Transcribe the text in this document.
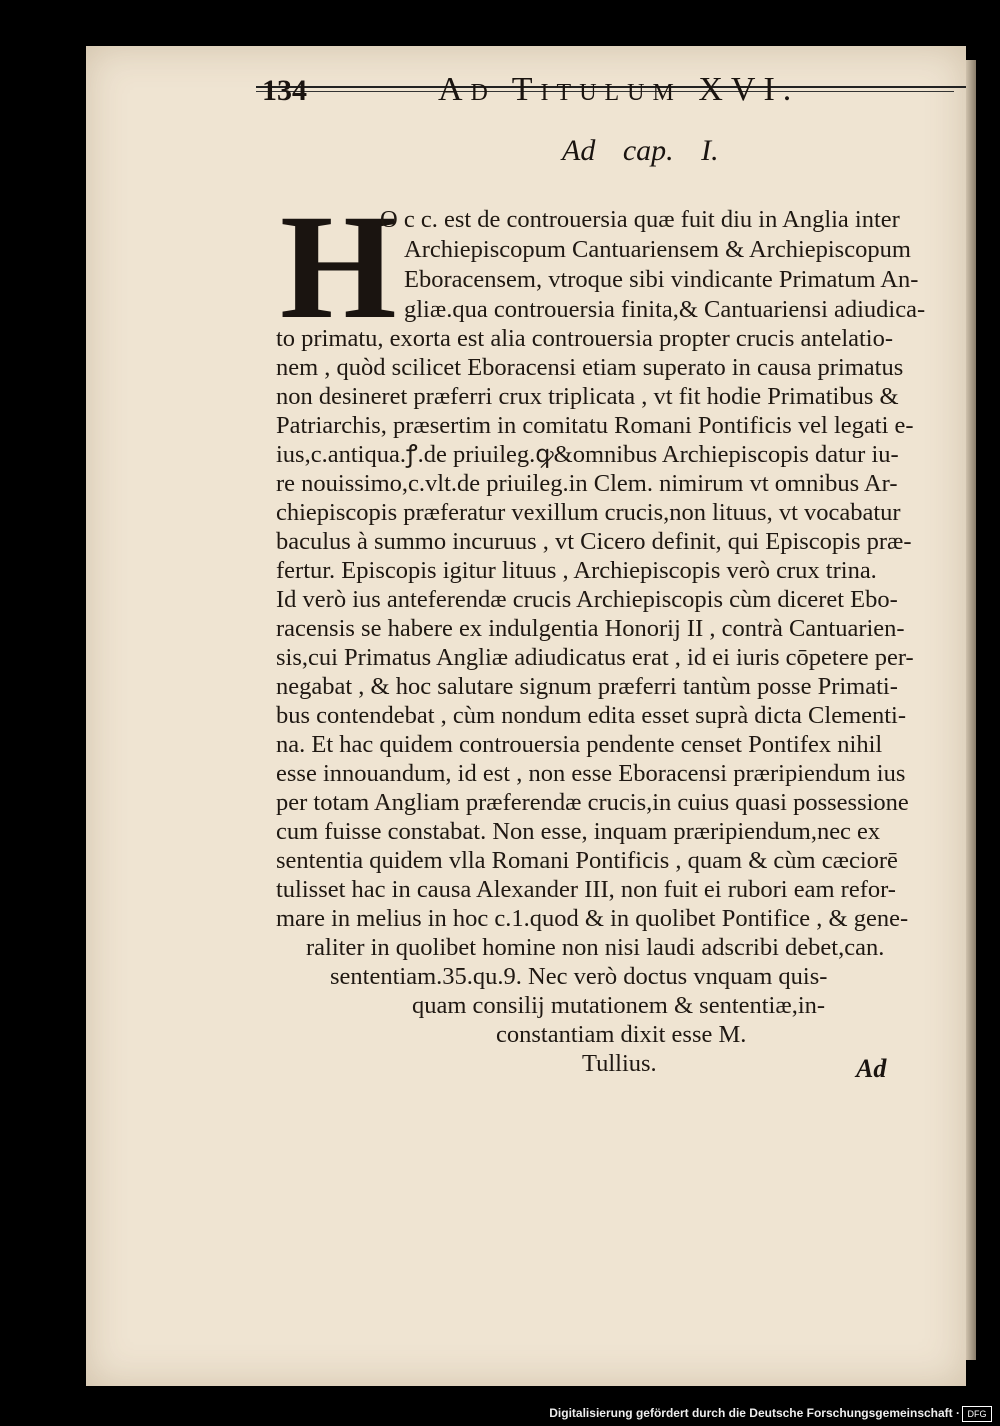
134	Ad Titulum XVI.
Ad cap. I.
H
O c c. est de controuersia quæ fuit diu in Anglia inter
Archiepiscopum Cantuariensem & Archiepiscopum
Eboracensem, vtroque sibi vindicante Primatum An-
gliæ.qua controuersia finita,& Cantuariensi adiudica-
to primatu, exorta est alia controuersia propter crucis antelatio-
nem , quòd scilicet Eboracensi etiam superato in causa primatus
non desineret præferri crux triplicata , vt fit hodie Primatibus &
Patriarchis, præsertim in comitatu Romani Pontificis vel legati e-
ius,c.antiqua.ꝭ.de priuileg.ꝙ&omnibus Archiepiscopis datur iu-
re nouissimo,c.vlt.de priuileg.in Clem. nimirum vt omnibus Ar-
chiepiscopis præferatur vexillum crucis,non lituus, vt vocabatur
baculus à summo incuruus , vt Cicero definit, qui Episcopis præ-
fertur. Episcopis igitur lituus , Archiepiscopis verò crux trina.
Id verò ius anteferendæ crucis Archiepiscopis cùm diceret Ebo-
racensis se habere ex indulgentia Honorij II , contrà Cantuarien-
sis,cui Primatus Angliæ adiudicatus erat , id ei iuris cōpetere per-
negabat , & hoc salutare signum præferri tantùm posse Primati-
bus contendebat , cùm nondum edita esset suprà dicta Clementi-
na. Et hac quidem controuersia pendente censet Pontifex nihil
esse innouandum, id est , non esse Eboracensi præripiendum ius
per totam Angliam præferendæ crucis,in cuius quasi possessione
cum fuisse constabat. Non esse, inquam præripiendum,nec ex
sententia quidem vlla Romani Pontificis , quam & cùm cæciorē
tulisset hac in causa Alexander III, non fuit ei rubori eam refor-
mare in melius in hoc c.1.quod & in quolibet Pontifice , & gene-
raliter in quolibet homine non nisi laudi adscribi debet,can.
sententiam.35.qu.9. Nec verò doctus vnquam quis-
quam consilij mutationem & sententiæ,in-
constantiam dixit esse M.
Tullius.	Ad
Digitalisierung gefördert durch die Deutsche Forschungsgemeinschaft · DFG
